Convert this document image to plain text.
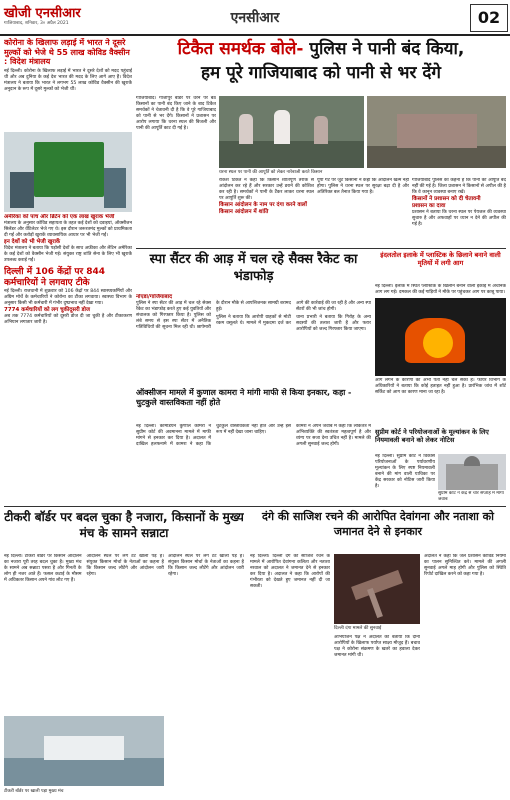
खोजी एनसीआर
गाजियाबाद, शनिवार, 3० अप्रैल 2021	एनसीआर	02
कोरोना के खिलाफ लड़ाई में भारत ने दूसरे मुल्कों को भेजे थे 55 लाख कोविड वैक्सीन : विदेश मंत्रालय
नई दिल्ली। कोरोना के खिलाफ लड़ाई में भारत ने दूसरे देशों को मदद पहुंचाई थी और अब दुनिया के कई देश भारत की मदद के लिए आगे आए हैं। विदेश मंत्रालय ने बताया कि भारत ने लगभग 55 लाख कोविड वैक्सीन की खुराकें अनुदान के रूप में दूसरे मुल्कों को भेजी थीं।
अमेरिका को पांच और ब्रिटेन को एक लाख खुराक भेजीं
मंत्रालय के अनुसार कोविड सहायता के तहत कई देशों को दवाइयां, ऑक्सीजन सिलेंडर और वेंटिलेटर भेजे गए थे। इस दौरान जरूरतमंद मुल्कों को प्राथमिकता दी गई और करोड़ों खुराकें व्यावसायिक आधार पर भी भेजी गईं।
इन देशों को भी भेजी खुराकें
विदेश मंत्रालय ने बताया कि पड़ोसी देशों के साथ अफ्रीका और लैटिन अमेरिका के कई देशों को वैक्सीन भेजी गई। संयुक्त राष्ट्र शांति सेना के लिए भी खुराकें उपलब्ध कराई गईं।
दिल्ली में 106 केंद्रों पर 844 कर्मचारियों ने लगवाए टीके
नई दिल्ली। राजधानी में शुक्रवार को 106 केंद्रों पर 844 स्वास्थ्यकर्मियों और अग्रिम मोर्चे के कर्मचारियों ने कोरोना का टीका लगवाया। स्वास्थ्य विभाग के अनुसार किसी भी कर्मचारी में गंभीर दुष्प्रभाव नहीं देखा गया।
7774 कर्मचारियों को लग चुकीदूसरी डोज
अब तक 7774 कर्मचारियों को दूसरी डोज दी जा चुकी है और टीकाकरण अभियान लगातार जारी है।
टिकैत समर्थक बोले- पुलिस ने पानी बंद किया,
हम पूरे गाजियाबाद को पानी से भर देंगे
गाजियाबाद। गाजीपुर बॉर्डर पर धरने पर बैठे किसानों का पानी बंद किए जाने के बाद टिकैत समर्थकों ने चेतावनी दी है कि वे पूरे गाजियाबाद को पानी से भर देंगे। किसानों ने प्रशासन पर आरोप लगाया कि धरना स्थल की बिजली और पानी की आपूर्ति काट दी गई है।
धरना स्थल पर पानी की आपूर्ति को लेकर नारेबाजी करते किसान
राकेश टिकैत ने कहा कि किसान शांतिपूर्ण तरीके से आंदोलन कर रहे हैं और सरकार उन्हें डराने की कोशिश कर रही है। समर्थकों ने पानी के टैंकर लाकर धरना स्थल पर आपूर्ति शुरू की।
किसान आंदोलन के नाम पर दंगा करने वालों
किसान आंदोलन में शांति
यूपी गेट पर जुटे किसानों ने कहा कि आंदोलन खत्म नहीं होगा। पुलिस ने धरना स्थल पर सुरक्षा बढ़ा दी है और अतिरिक्त बल तैनात किया गया है।
गाजियाबाद पुलिस का कहना है कि पानी की आपूर्ति बंद नहीं की गई है। जिला प्रशासन ने किसानों से अपील की है कि वे कानून व्यवस्था बनाए रखें।
किसानों ने प्रशासन को दी चेतावनी
प्रशासन का दावा
प्रशासन ने बताया कि धरना स्थल पर पेयजल की व्यवस्था सुचारु है और अफवाहों पर ध्यान न देने की अपील की गई है।
स्पा सैंटर की आड़ में चल रहे सैक्स रैकेट का भंडाफोड़
नोएडा/गाजियाबाद

पुलिस ने स्पा सेंटर की आड़ में चल रहे सेक्स रैकेट का भंडाफोड़ करते हुए कई युवतियों और संचालक को गिरफ्तार किया है। पुलिस को लंबे समय से इस स्पा सेंटर में अनैतिक गतिविधियों की सूचना मिल रही थी। छापेमारी के दौरान मौके से आपत्तिजनक सामग्री बरामद हुई।

पुलिस ने बताया कि आरोपी ग्राहकों से मोटी रकम वसूलते थे। मामले में मुकदमा दर्ज कर आगे की कार्रवाई की जा रही है और अन्य स्पा सेंटरों की भी जांच होगी।

थाना प्रभारी ने बताया कि गिरोह के अन्य सदस्यों की तलाश जारी है और फरार आरोपियों को जल्द गिरफ्तार किया जाएगा।

इंदलतोल इलाके में प्लास्टिक के छिलाने बनाने वाली मृतियों में लगी आग
नई दिल्ली। इलाके में स्थित प्लास्टिक के खिलौने बनाने वाली इकाई में अचानक आग लग गई। दमकल की कई गाड़ियों ने मौके पर पहुंचकर आग पर काबू पाया।
आग लगने के कारणों का अभी पता नहीं चल सका है। फायर विभाग के अधिकारियों ने बताया कि कोई हताहत नहीं हुआ है। प्रारंभिक जांच में शॉर्ट सर्किट को आग का कारण माना जा रहा है।
ऑक्सीजन मामले में कुणाल कामरा ने मांगी माफी से किया इनकार, कहा - चुटकुले वास्तविकता नहीं होते

नई दिल्ली। कॉमेडियन कुणाल कामरा ने सुप्रीम कोर्ट की अवमानना मामले में माफी मांगने से इनकार कर दिया है। अदालत में दाखिल हलफनामे में कामरा ने कहा कि चुटकुले वास्तविकता नहीं होते और उन्हें इस रूप में नहीं देखा जाना चाहिए।

कामरा ने अपने जवाब में कहा कि लोकतंत्र में अभिव्यक्ति की स्वतंत्रता महत्वपूर्ण है और व्यंग्य पर सजा देना उचित नहीं है। मामले की अगली सुनवाई जल्द होगी।

सुप्रीम कोर्ट ने परियोजनाओं के मूल्यांकन के लिए नियमावली बनाने को लेकर नोटिस
नई दिल्ली। सुप्रीम कोर्ट ने विकास परियोजनाओं के पर्यावरणीय मूल्यांकन के लिए स्पष्ट नियमावली बनाने की मांग वाली याचिका पर केंद्र सरकार को नोटिस जारी किया है।
सुप्रीम कोर्ट ने केंद्र से चार सप्ताह में मांगा जवाब
टीकरी बॉर्डर पर बदल चुका है नजारा, किसानों के मुख्य मंच के सामने सन्नाटा

नई दिल्ली। टीकरी बॉर्डर पर किसान आंदोलन का नजारा पूरी तरह बदल चुका है। मुख्य मंच के सामने अब सन्नाटा पसरा है और गिनती के लोग ही नजर आते हैं। फसल कटाई के मौसम में अधिकतर किसान अपने गांव लौट गए हैं।

आंदोलन स्थल पर लगे टेंट खाली पड़े हैं। संयुक्त किसान मोर्चा के नेताओं का कहना है कि किसान जल्द लौटेंगे और आंदोलन जारी रहेगा।

टीकरी बॉर्डर पर खाली पड़ा मुख्य मंच
आंदोलन स्थल पर लगे टेंट खाली पड़े हैं। संयुक्त किसान मोर्चा के नेताओं का कहना है कि किसान जल्द लौटेंगे और आंदोलन जारी रहेगा।
दंगे की साजिश रचने की आरोपित देवांगना और नताशा को जमानत देने से इनकार
नई दिल्ली। दिल्ली दंगे की साजिश रचने के मामले में आरोपित देवांगना कलिता और नताशा नरवाल को अदालत ने जमानत देने से इनकार कर दिया है। अदालत ने कहा कि आरोपों की गंभीरता को देखते हुए जमानत नहीं दी जा सकती।
दिल्ली दंगा मामले की सुनवाई
अभियोजन पक्ष ने अदालत को बताया कि दोनों आरोपियों के खिलाफ पर्याप्त साक्ष्य मौजूद हैं। बचाव पक्ष ने कोरोना संक्रमण के खतरे का हवाला देकर जमानत मांगी थी।
अदालत ने कहा कि जेल प्रशासन कोविड नियमों का पालन सुनिश्चित करे। मामले की अगली सुनवाई अगले माह होगी और पुलिस को स्थिति रिपोर्ट दाखिल करने को कहा गया है।
